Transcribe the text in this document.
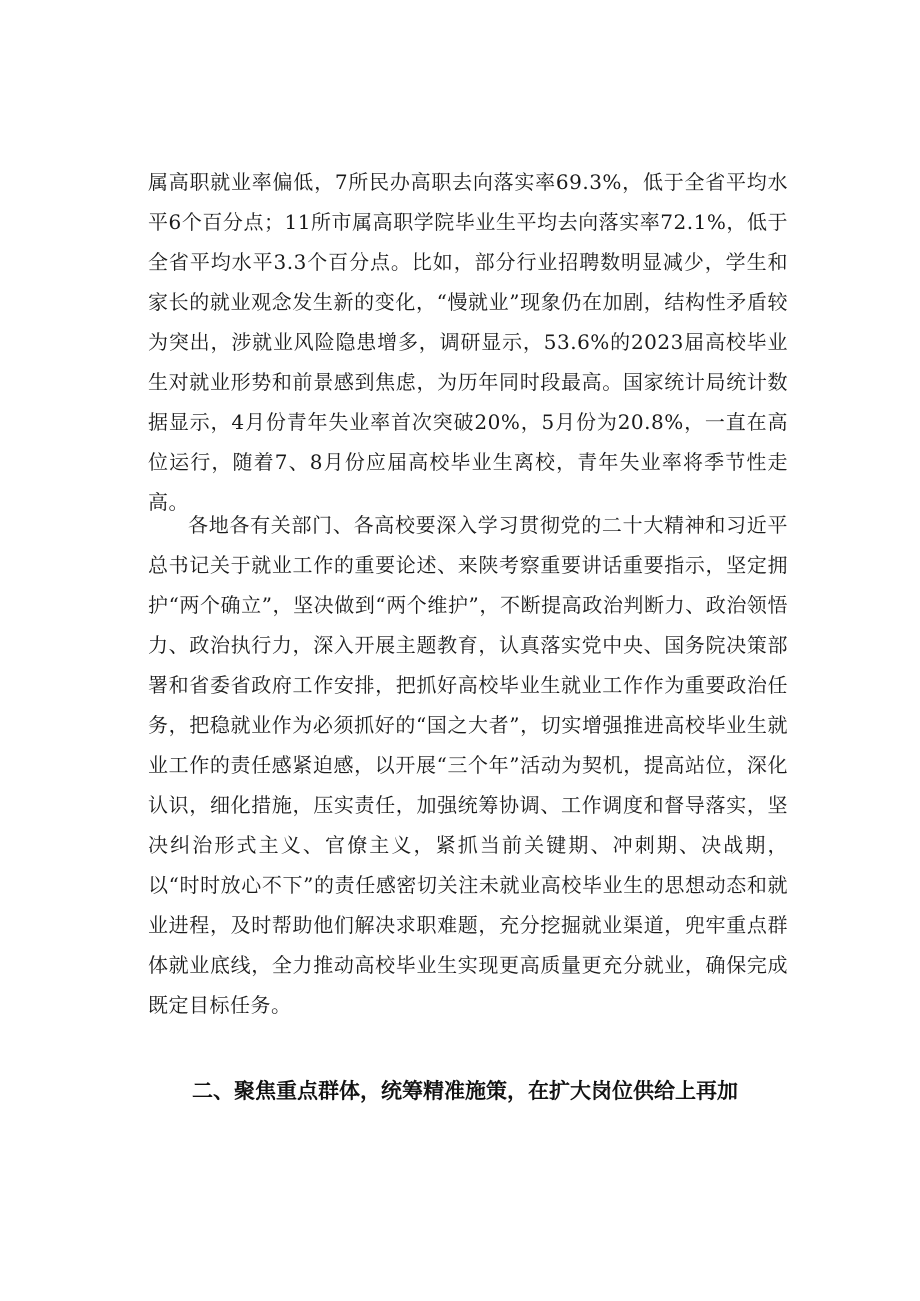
属高职就业率偏低，7所民办高职去向落实率69.3%，低于全省平均水平6个百分点；11所市属高职学院毕业生平均去向落实率72.1%，低于全省平均水平3.3个百分点。比如，部分行业招聘数明显减少，学生和家长的就业观念发生新的变化，“慢就业”现象仍在加剧，结构性矛盾较为突出，涉就业风险隐患增多，调研显示，53.6%的2023届高校毕业生对就业形势和前景感到焦虑，为历年同时段最高。国家统计局统计数据显示，4月份青年失业率首次突破20%，5月份为20.8%，一直在高位运行，随着7、8月份应届高校毕业生离校，青年失业率将季节性走高。

各地各有关部门、各高校要深入学习贯彻党的二十大精神和习近平总书记关于就业工作的重要论述、来陕考察重要讲话重要指示，坚定拥护“两个确立”，坚决做到“两个维护”，不断提高政治判断力、政治领悟力、政治执行力，深入开展主题教育，认真落实党中央、国务院决策部署和省委省政府工作安排，把抓好高校毕业生就业工作作为重要政治任务，把稳就业作为必须抓好的“国之大者”，切实增强推进高校毕业生就业工作的责任感紧迫感，以开展“三个年”活动为契机，提高站位，深化认识，细化措施，压实责任，加强统筹协调、工作调度和督导落实，坚决纠治形式主义、官僚主义，紧抓当前关键期、冲刺期、决战期，以“时时放心不下”的责任感密切关注未就业高校毕业生的思想动态和就业进程，及时帮助他们解决求职难题，充分挖掘就业渠道，兜牢重点群体就业底线，全力推动高校毕业生实现更高质量更充分就业，确保完成既定目标任务。

二、聚焦重点群体，统筹精准施策，在扩大岗位供给上再加
